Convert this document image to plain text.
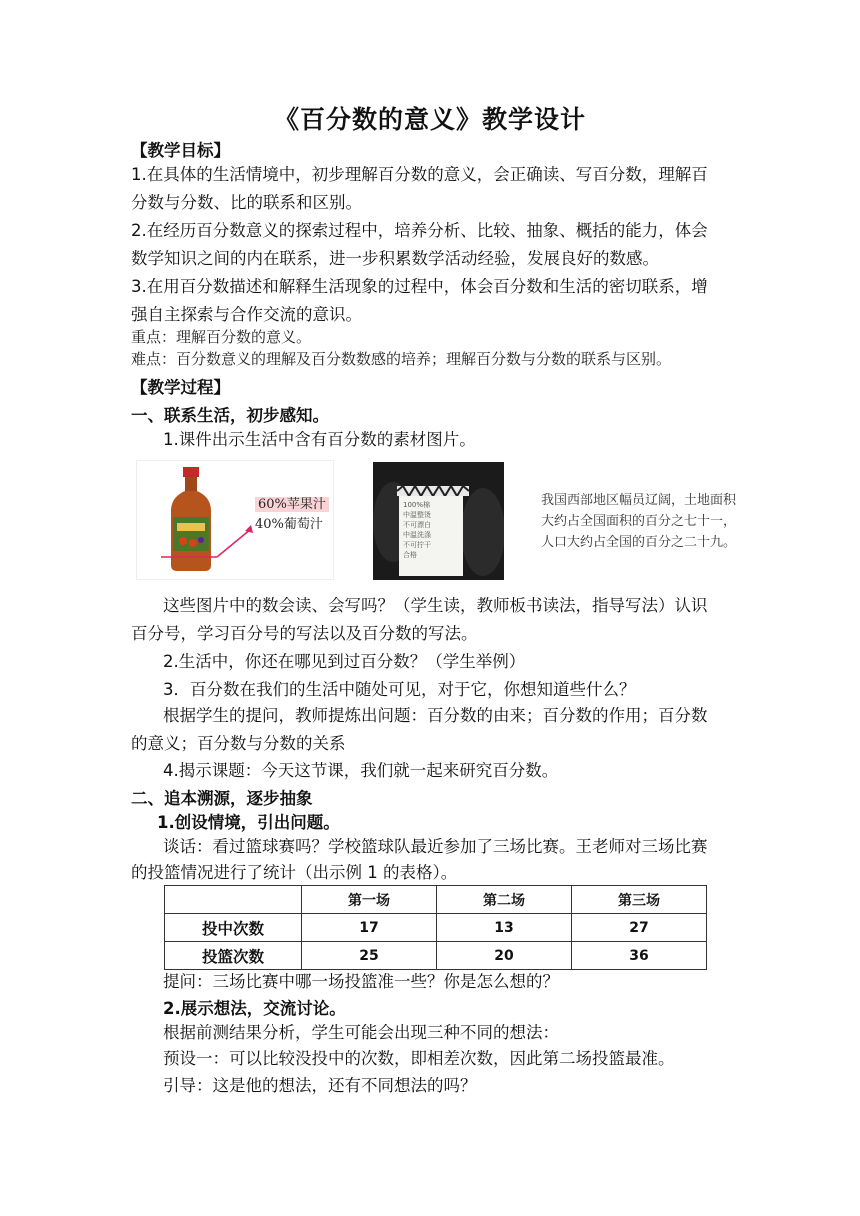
《百分数的意义》教学设计
【教学目标】
1.在具体的生活情境中，初步理解百分数的意义，会正确读、写百分数，理解百
分数与分数、比的联系和区别。
2.在经历百分数意义的探索过程中，培养分析、比较、抽象、概括的能力，体会
数学知识之间的内在联系，进一步积累数学活动经验，发展良好的数感。
3.在用百分数描述和解释生活现象的过程中，体会百分数和生活的密切联系，增
强自主探索与合作交流的意识。
重点：理解百分数的意义。
难点：百分数意义的理解及百分数数感的培养；理解百分数与分数的联系与区别。
【教学过程】
一、联系生活，初步感知。
1.课件出示生活中含有百分数的素材图片。
60%苹果汁
40%葡萄汁
100%棉
中温整烫
不可漂白
中温洗涤
不可拧干
合格
我国西部地区幅员辽阔，土地面积
大约占全国面积的百分之七十一，
人口大约占全国的百分之二十九。
这些图片中的数会读、会写吗？（学生读，教师板书读法，指导写法）认识
百分号，学习百分号的写法以及百分数的写法。
2.生活中，你还在哪见到过百分数？（学生举例）
3．百分数在我们的生活中随处可见，对于它，你想知道些什么？
根据学生的提问，教师提炼出问题：百分数的由来；百分数的作用；百分数
的意义；百分数与分数的关系
4.揭示课题：今天这节课，我们就一起来研究百分数。
二、追本溯源，逐步抽象
1.创设情境，引出问题。
谈话：看过篮球赛吗？学校篮球队最近参加了三场比赛。王老师对三场比赛
的投篮情况进行了统计（出示例 1 的表格）。
	第一场	第二场	第三场
投中次数	17	13	27
投篮次数	25	20	36
提问：三场比赛中哪一场投篮准一些？你是怎么想的？
2.展示想法，交流讨论。
根据前测结果分析，学生可能会出现三种不同的想法：
预设一：可以比较没投中的次数，即相差次数，因此第二场投篮最准。
引导：这是他的想法，还有不同想法的吗？
